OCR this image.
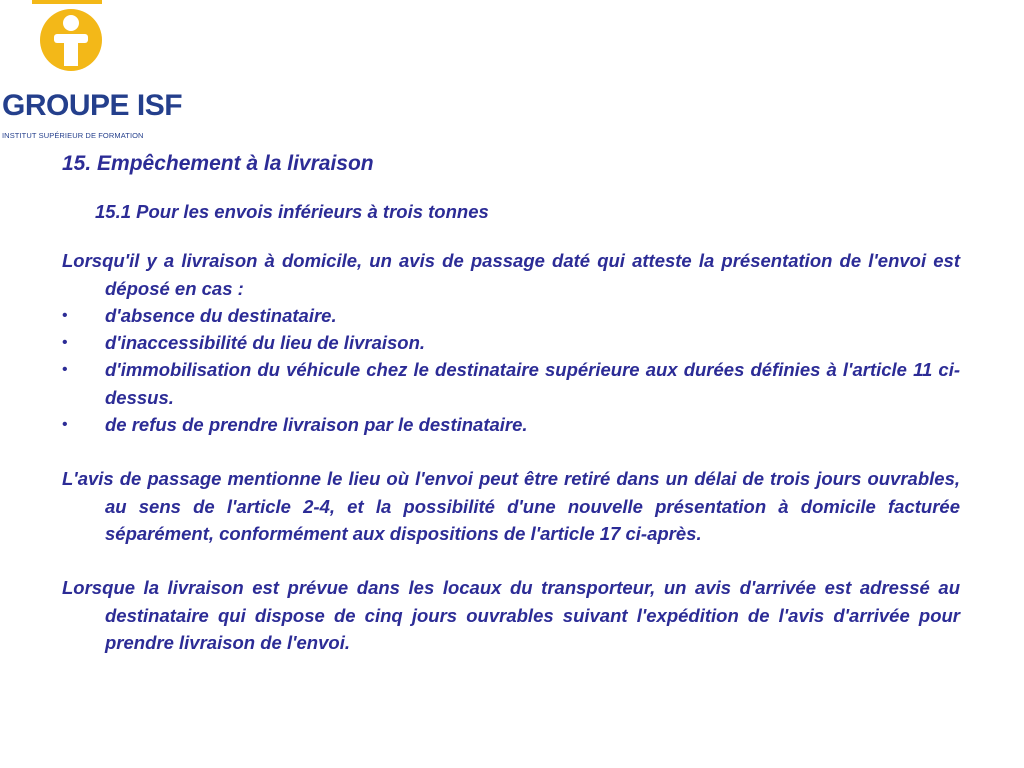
GROUPE ISF

INSTITUT SUPÉRIEUR DE FORMATION

15. Empêchement à la livraison

15.1 Pour les envois inférieurs à trois tonnes

Lorsqu'il y a livraison à domicile, un avis de passage daté qui atteste la présentation de l'envoi est déposé en cas :

• d'absence du destinataire.
• d'inaccessibilité du lieu de livraison.
• d'immobilisation du véhicule chez le destinataire supérieure aux durées définies à l'article 11 ci-dessus.
• de refus de prendre livraison par le destinataire.

L'avis de passage mentionne le lieu où l'envoi peut être retiré dans un délai de trois jours ouvrables, au sens de l'article 2-4, et la possibilité d'une nouvelle présentation à domicile facturée séparément, conformément aux dispositions de l'article 17 ci-après.

Lorsque la livraison est prévue dans les locaux du transporteur, un avis d'arrivée est adressé au destinataire qui dispose de cinq jours ouvrables suivant l'expédition de l'avis d'arrivée pour prendre livraison de l'envoi.
